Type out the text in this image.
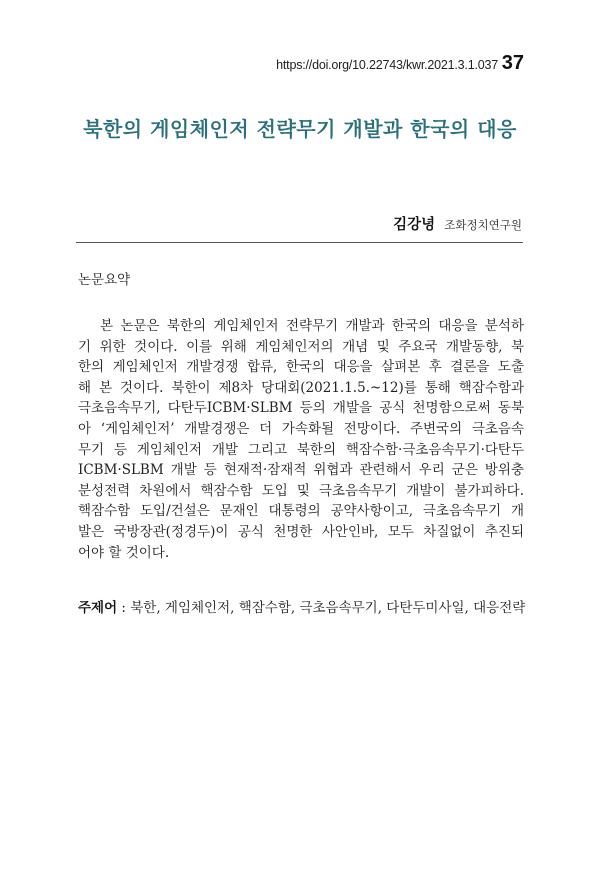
https://doi.org/10.22743/kwr.2021.3.1.037 37
북한의 게임체인저 전략무기 개발과 한국의 대응
김강녕 조화정치연구원
논문요약
본 논문은 북한의 게임체인저 전략무기 개발과 한국의 대응을 분석하
기 위한 것이다. 이를 위해 게임체인저의 개념 및 주요국 개발동향, 북
한의 게임체인저 개발경쟁 합류, 한국의 대응을 살펴본 후 결론을 도출
해 본 것이다. 북한이 제8차 당대회(2021.1.5.~12)를 통해 핵잠수함과
극초음속무기, 다탄두ICBM·SLBM 등의 개발을 공식 천명함으로써 동북
아 ‘게임체인저’ 개발경쟁은 더 가속화될 전망이다. 주변국의 극초음속
무기 등 게임체인저 개발 그리고 북한의 핵잠수함·극초음속무기·다탄두
ICBM·SLBM 개발 등 현재적·잠재적 위협과 관련해서 우리 군은 방위충
분성전력 차원에서 핵잠수함 도입 및 극초음속무기 개발이 불가피하다.
핵잠수함 도입/건설은 문재인 대통령의 공약사항이고, 극초음속무기 개
발은 국방장관(정경두)이 공식 천명한 사안인바, 모두 차질없이 추진되
어야 할 것이다.
주제어 : 북한, 게임체인저, 핵잠수함, 극초음속무기, 다탄두미사일, 대응전략
